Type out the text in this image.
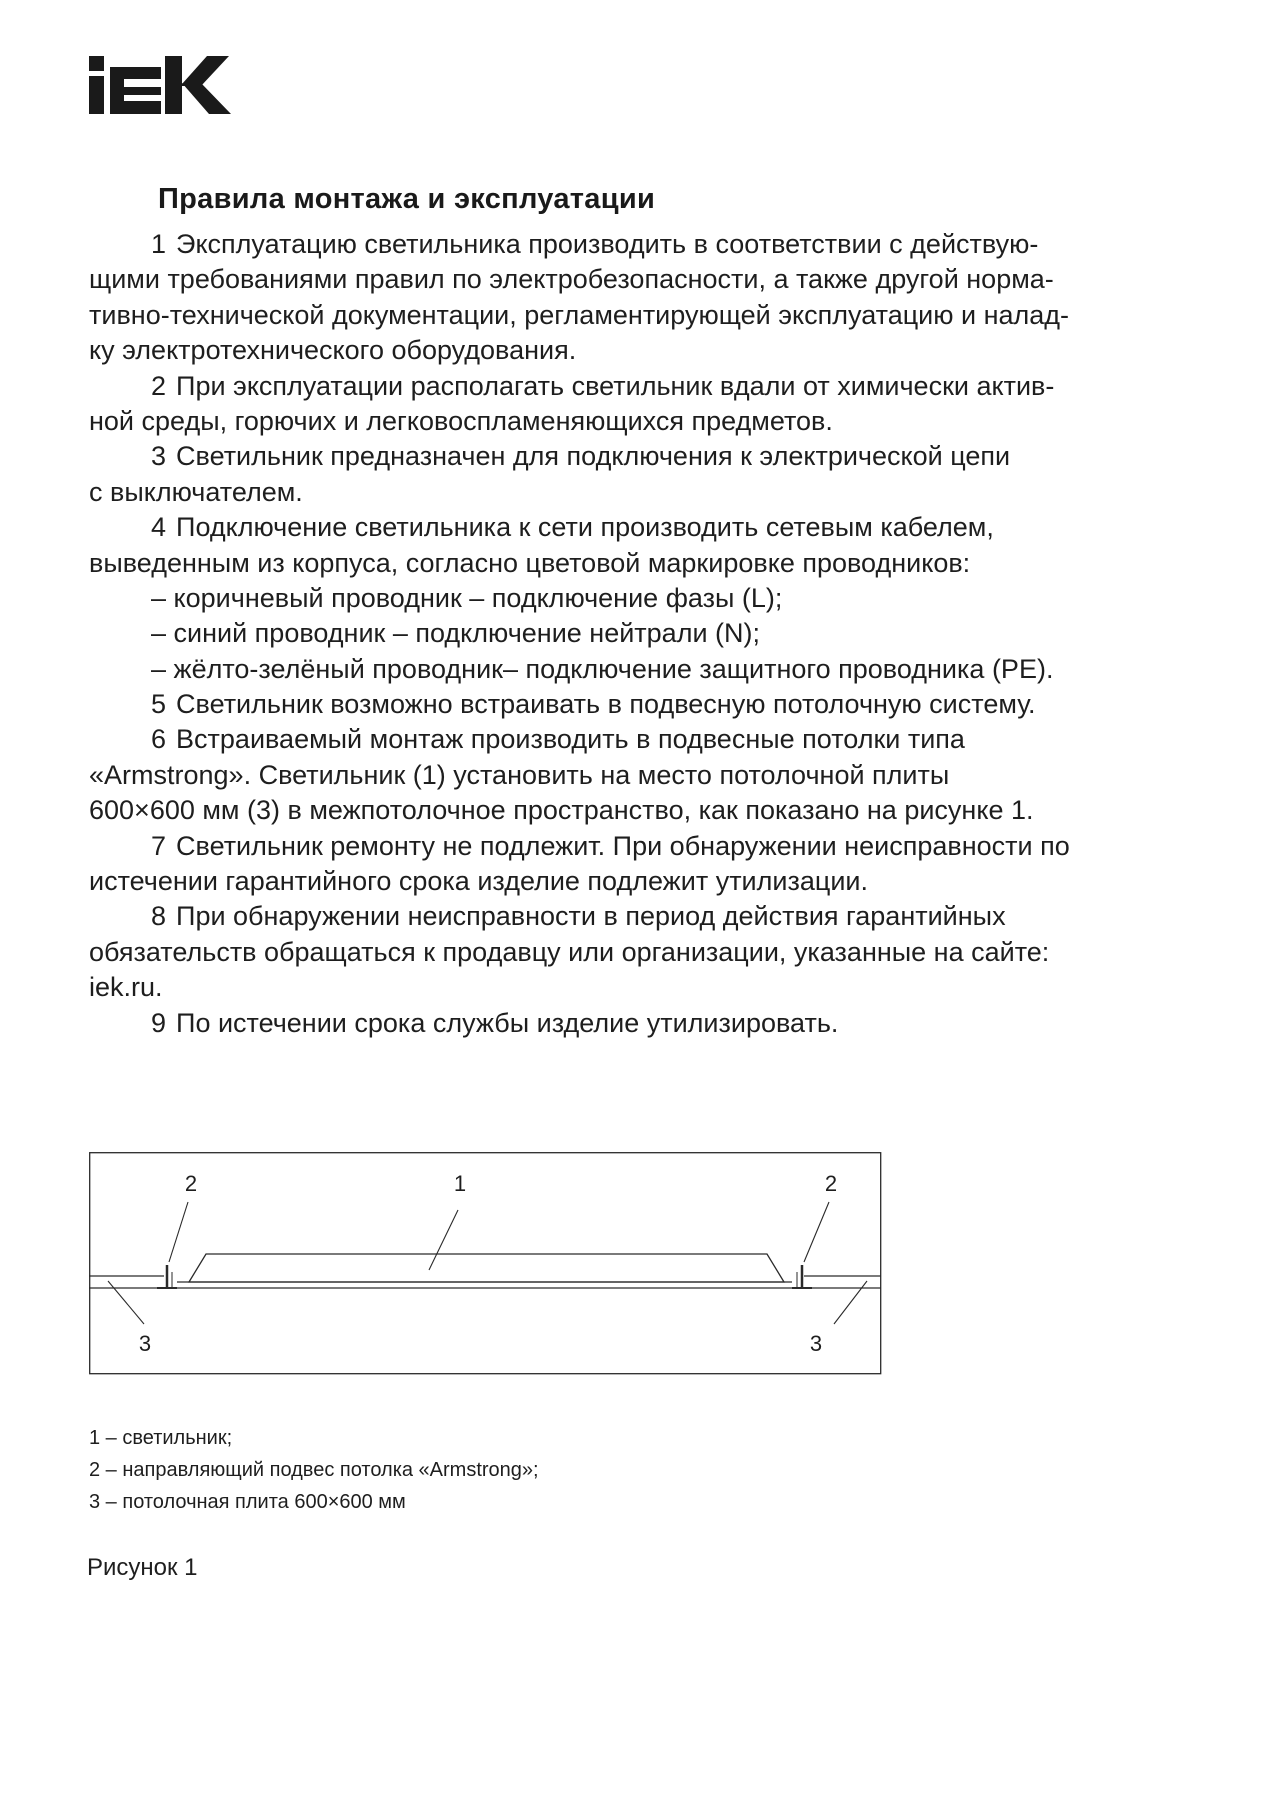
Правила монтажа и эксплуатации
1 Эксплуатацию светильника производить в соответствии с действую-
щими требованиями правил по электробезопасности, а также другой норма-
тивно-технической документации, регламентирующей эксплуатацию и налад-
ку электротехнического оборудования.
2 При эксплуатации располагать светильник вдали от химически актив-
ной среды, горючих и легковоспламеняющихся предметов.
3 Светильник предназначен для подключения к электрической цепи
с выключателем.
4 Подключение светильника к сети производить сетевым кабелем,
выведенным из корпуса, согласно цветовой маркировке проводников:
– коричневый проводник – подключение фазы (L);
– синий проводник – подключение нейтрали (N);
– жёлто-зелёный проводник– подключение защитного проводника (PE).
5 Светильник возможно встраивать в подвесную потолочную систему.
6 Встраиваемый монтаж производить в подвесные потолки типа
«Armstrong». Светильник (1) установить на место потолочной плиты
600×600 мм (3) в межпотолочное пространство, как показано на рисунке 1.
7 Светильник ремонту не подлежит. При обнаружении неисправности по
истечении гарантийного срока изделие подлежит утилизации.
8 При обнаружении неисправности в период действия гарантийных
обязательств обращаться к продавцу или организации, указанные на сайте:
iek.ru.
9 По истечении срока службы изделие утилизировать.
2	1	2
3	3
1 – светильник;
2 – направляющий подвес потолка «Armstrong»;
3 – потолочная плита 600×600 мм
Рисунок 1
